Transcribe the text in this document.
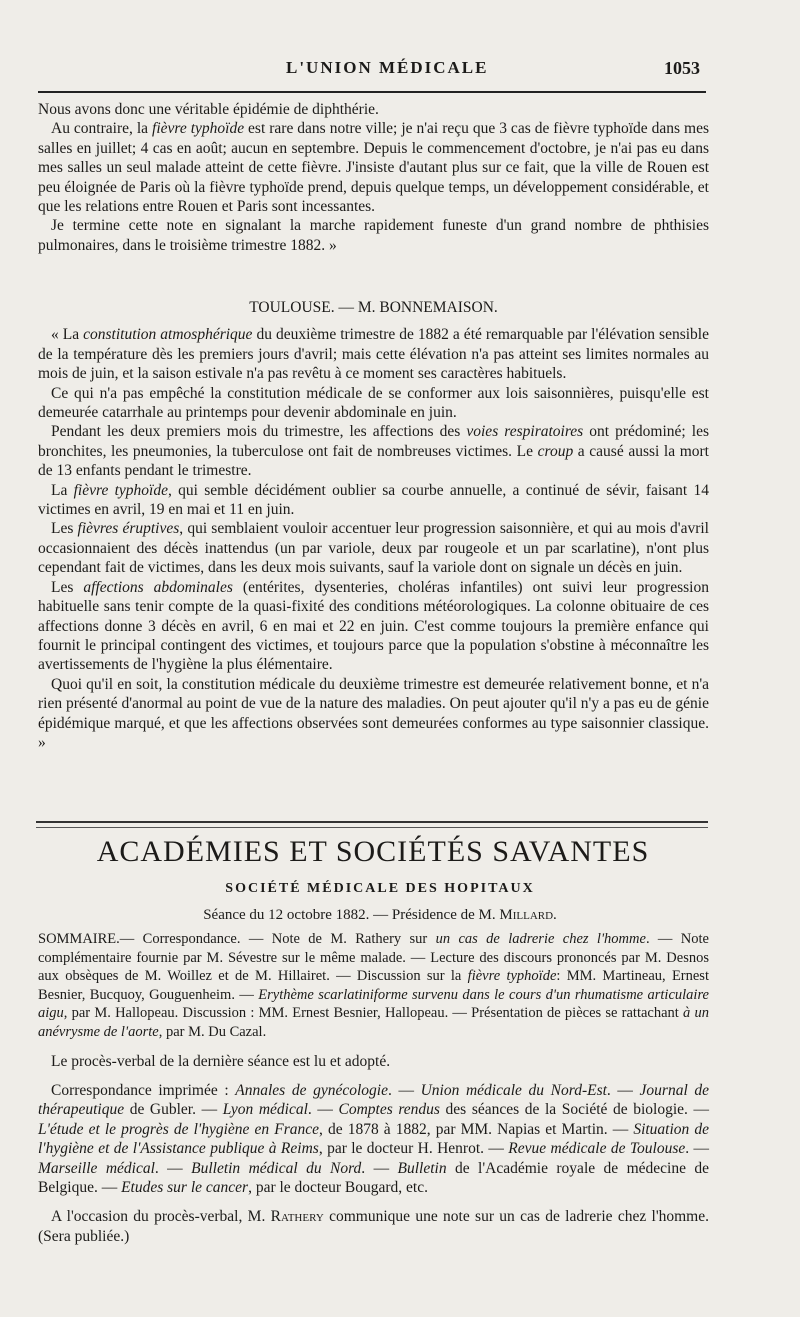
L'UNION MÉDICALE	1053

Nous avons donc une véritable épidémie de diphthérie.

Au contraire, la fièvre typhoïde est rare dans notre ville; je n'ai reçu que 3 cas de fièvre typhoïde dans mes salles en juillet; 4 cas en août; aucun en septembre. Depuis le commencement d'octobre, je n'ai pas eu dans mes salles un seul malade atteint de cette fièvre. J'insiste d'autant plus sur ce fait, que la ville de Rouen est peu éloignée de Paris où la fièvre typhoïde prend, depuis quelque temps, un développement considérable, et que les relations entre Rouen et Paris sont incessantes.

Je termine cette note en signalant la marche rapidement funeste d'un grand nombre de phthisies pulmonaires, dans le troisième trimestre 1882. »

TOULOUSE. — M. BONNEMAISON.

« La constitution atmosphérique du deuxième trimestre de 1882 a été remarquable par l'élévation sensible de la température dès les premiers jours d'avril; mais cette élévation n'a pas atteint ses limites normales au mois de juin, et la saison estivale n'a pas revêtu à ce moment ses caractères habituels.

Ce qui n'a pas empêché la constitution médicale de se conformer aux lois saisonnières, puisqu'elle est demeurée catarrhale au printemps pour devenir abdominale en juin.

Pendant les deux premiers mois du trimestre, les affections des voies respiratoires ont prédominé; les bronchites, les pneumonies, la tuberculose ont fait de nombreuses victimes. Le croup a causé aussi la mort de 13 enfants pendant le trimestre.

La fièvre typhoïde, qui semble décidément oublier sa courbe annuelle, a continué de sévir, faisant 14 victimes en avril, 19 en mai et 11 en juin.

Les fièvres éruptives, qui semblaient vouloir accentuer leur progression saisonnière, et qui au mois d'avril occasionnaient des décès inattendus (un par variole, deux par rougeole et un par scarlatine), n'ont plus cependant fait de victimes, dans les deux mois suivants, sauf la variole dont on signale un décès en juin.

Les affections abdominales (entérites, dysenteries, choléras infantiles) ont suivi leur progression habituelle sans tenir compte de la quasi-fixité des conditions météorologiques. La colonne obituaire de ces affections donne 3 décès en avril, 6 en mai et 22 en juin. C'est comme toujours la première enfance qui fournit le principal contingent des victimes, et toujours parce que la population s'obstine à méconnaître les avertissements de l'hygiène la plus élémentaire.

Quoi qu'il en soit, la constitution médicale du deuxième trimestre est demeurée relativement bonne, et n'a rien présenté d'anormal au point de vue de la nature des maladies. On peut ajouter qu'il n'y a pas eu de génie épidémique marqué, et que les affections observées sont demeurées conformes au type saisonnier classique. »

ACADÉMIES ET SOCIÉTÉS SAVANTES
SOCIÉTÉ MÉDICALE DES HOPITAUX
Séance du 12 octobre 1882. — Présidence de M. Millard.

SOMMAIRE.— Correspondance. — Note de M. Rathery sur un cas de ladrerie chez l'homme. — Note complémentaire fournie par M. Sévestre sur le même malade. — Lecture des discours prononcés par M. Desnos aux obsèques de M. Woillez et de M. Hillairet. — Discussion sur la fièvre typhoïde: MM. Martineau, Ernest Besnier, Bucquoy, Gouguenheim. — Erythème scarlatiniforme survenu dans le cours d'un rhumatisme articulaire aigu, par M. Hallopeau. Discussion : MM. Ernest Besnier, Hallopeau. — Présentation de pièces se rattachant à un anévrysme de l'aorte, par M. Du Cazal.

Le procès-verbal de la dernière séance est lu et adopté.

Correspondance imprimée : Annales de gynécologie. — Union médicale du Nord-Est. — Journal de thérapeutique de Gubler. — Lyon médical. — Comptes rendus des séances de la Société de biologie. — L'étude et le progrès de l'hygiène en France, de 1878 à 1882, par MM. Napias et Martin. — Situation de l'hygiène et de l'Assistance publique à Reims, par le docteur H. Henrot. — Revue médicale de Toulouse. — Marseille médical. — Bulletin médical du Nord. — Bulletin de l'Académie royale de médecine de Belgique. — Etudes sur le cancer, par le docteur Bougard, etc.

A l'occasion du procès-verbal, M. Rathery communique une note sur un cas de ladrerie chez l'homme. (Sera publiée.)
